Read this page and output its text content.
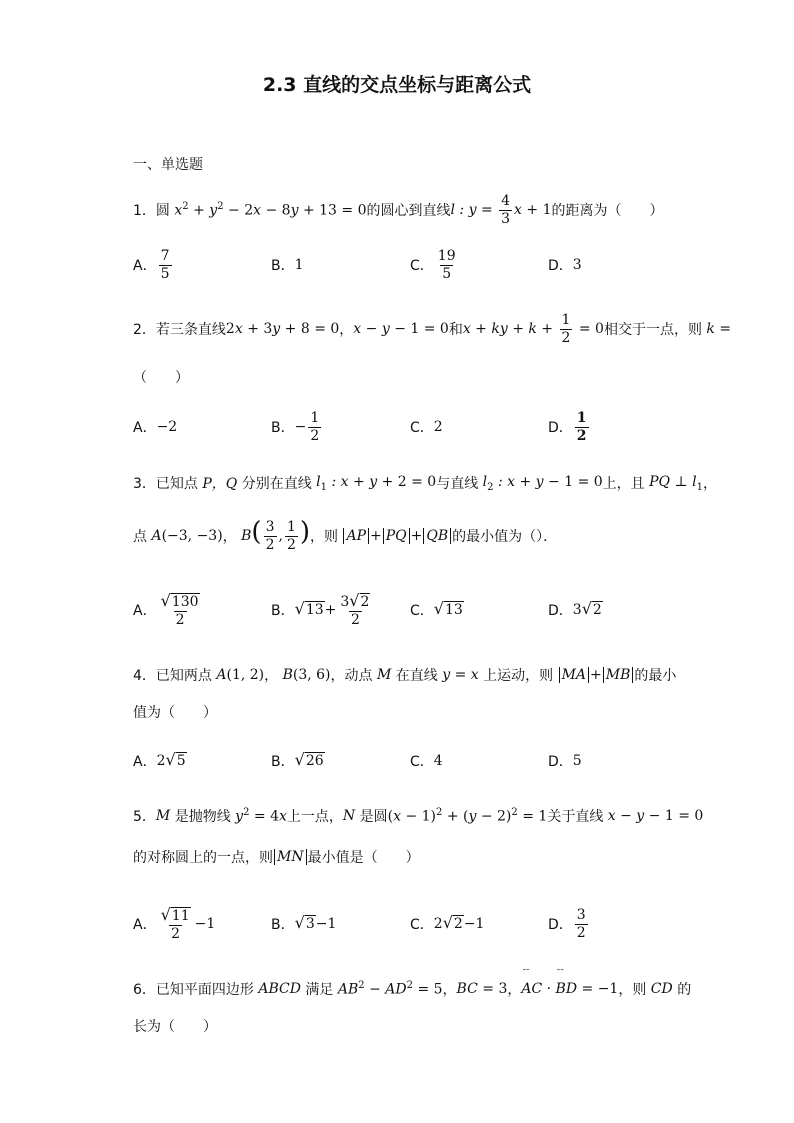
2.3 直线的交点坐标与距离公式
一、单选题
1． 圆 $x^2 + y^2 - 2x - 8y + 13 = 0$ 的圆心到直线 l : $y = \frac{4}{3}$ x + 1 的距离为（　　）
A． $\frac{7}{5}$	B． 1	C． $\frac{19}{5}$	D． 3
2． 若三条直线 2x + 3y + 8 = 0 ， x − y − 1 = 0 和 x + ky + $k + \frac{1}{2} = 0$ 相交于一点，则 k =
（　　）
A． −2	B． − $\frac{1}{2}$	C． 2	D． $\frac{1}{2}$
3． 已知点 P，Q 分别在直线 $l_1$ : x + y + 2 = 0 与直线 $l_2$ : x + y − 1 = 0 上，且 PQ ⊥ $l_1$ ，
点 A(−3, −3) ， $B( \frac{3}{2}$ , $\frac{1}{2}$ ) ，则 AP + PQ + QB 的最小值为（）．
A． $\frac{√ 130}{2}$	B． √ $13 + \frac{3 √ 2}{2}$	C． √ 13	D． 3 √ 2
4． 已知两点 A(1, 2) ， B(3, 6) ，动点 M 在直线 y = x 上运动，则 MA + MB 的最小
值为（　　）
A． 2 √ 5	B． √ 26	C． 4	D． 5
5． M 是抛物线 $y^2 = 4x$ 上一点， N 是圆 $(x - 1)^2 + (y - 2)^2 = 1$ 关于直线 x − y − 1 = 0
的对称圆上的一点，则 MN 最小值是（　　）
A． $\frac{√ 11}{2} -1$	B． √ 3 −1	C． 2 √ 2 −1	D． $\frac{3}{2}$
6． 已知平面四边形 ABCD 满足 $AB^2 - AD^2 = 5$ ， BC = 3 ，
˘˘ AC · ˘˘ BD = −1 ，则 CD 的
长为（　　）
